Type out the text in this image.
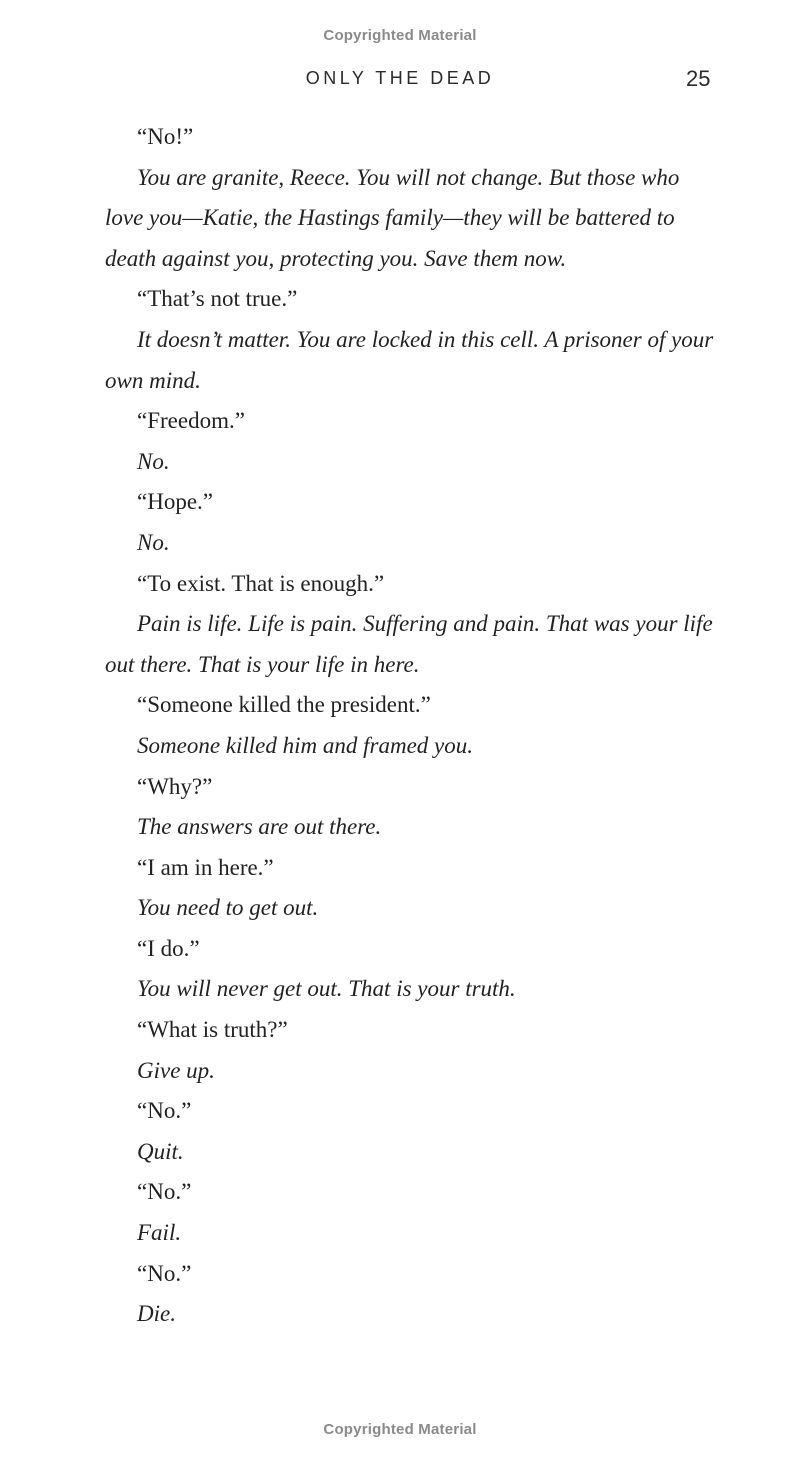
Copyrighted Material
ONLY THE DEAD	25

“No!”

You are granite, Reece. You will not change. But those who love you—Katie, the Hastings family—they will be battered to death against you, protecting you. Save them now.

“That’s not true.”

It doesn’t matter. You are locked in this cell. A prisoner of your own mind.

“Freedom.”

No.

“Hope.”

No.

“To exist. That is enough.”

Pain is life. Life is pain. Suffering and pain. That was your life out there. That is your life in here.

“Someone killed the president.”

Someone killed him and framed you.

“Why?”

The answers are out there.

“I am in here.”

You need to get out.

“I do.”

You will never get out. That is your truth.

“What is truth?”

Give up.

“No.”

Quit.

“No.”

Fail.

“No.”

Die.

Copyrighted Material
